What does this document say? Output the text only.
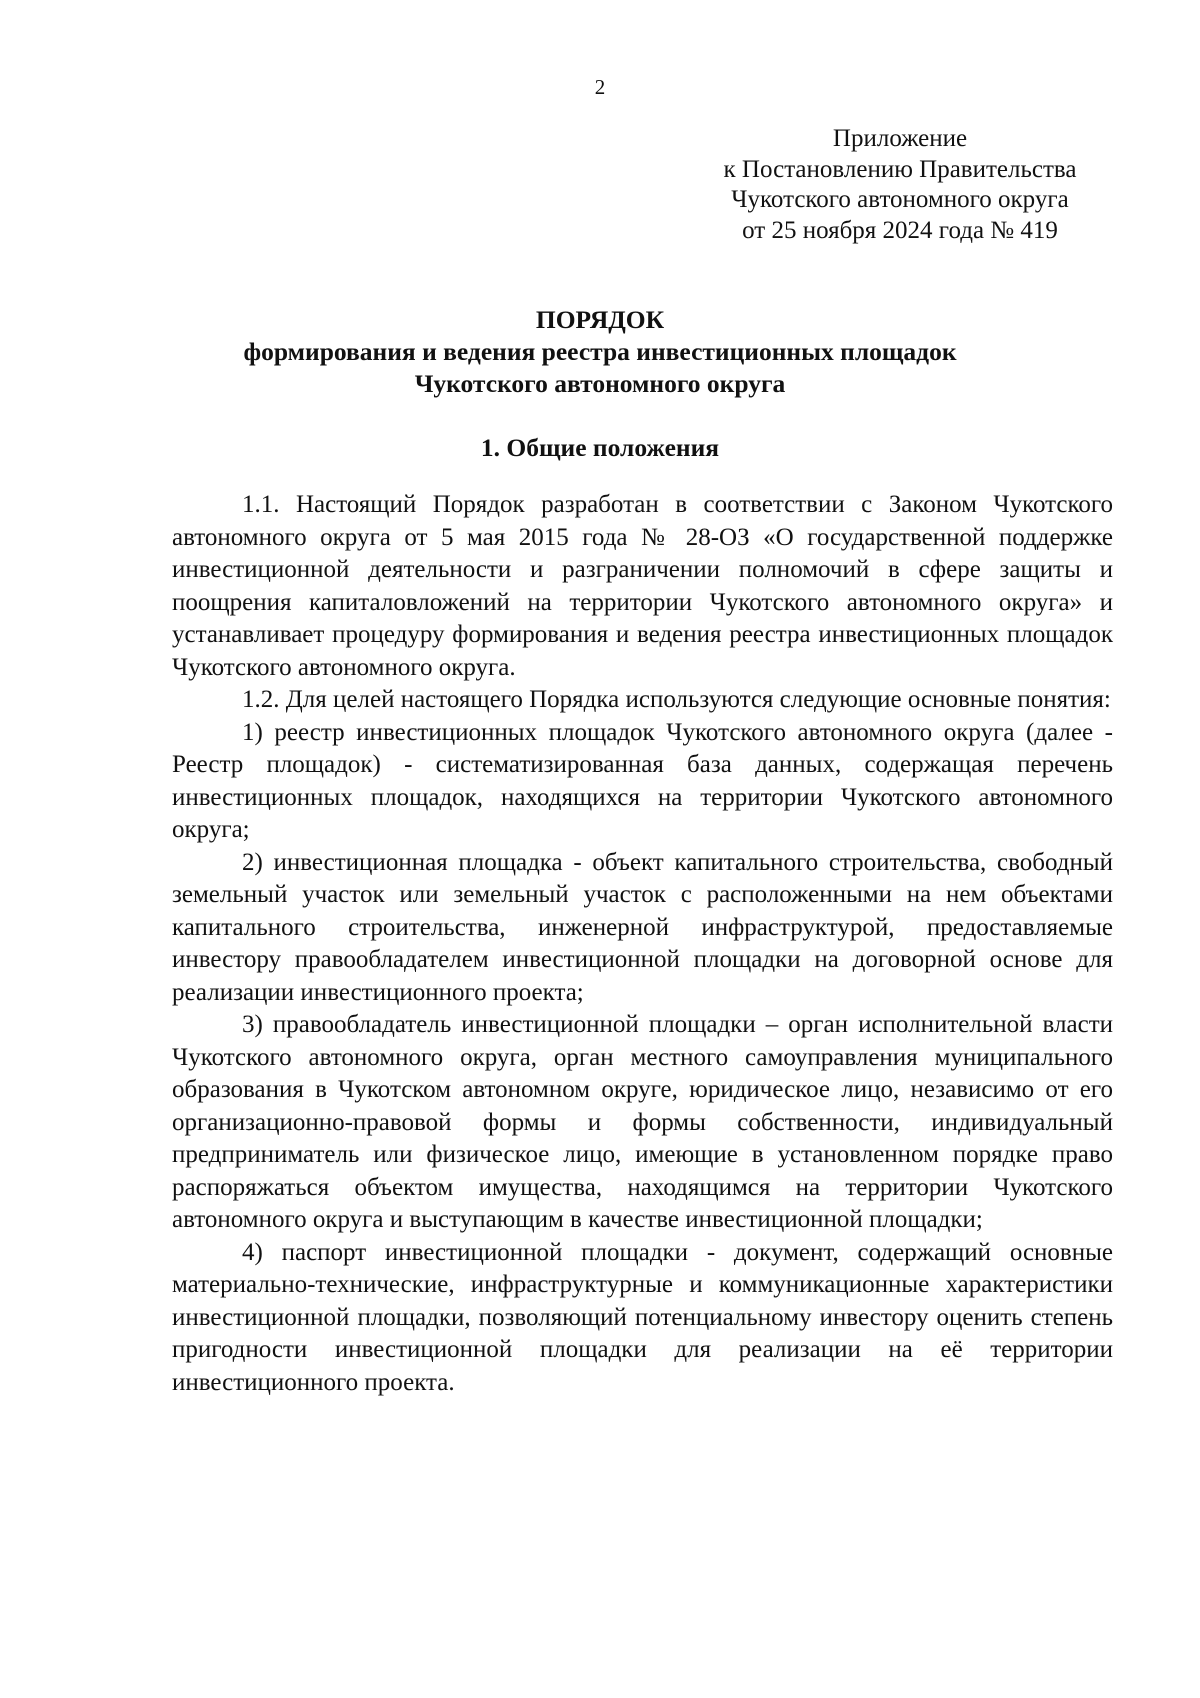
2
Приложение
к Постановлению Правительства
Чукотского автономного округа
от 25 ноября 2024 года № 419
ПОРЯДОК
формирования и ведения реестра инвестиционных площадок
Чукотского автономного округа
1. Общие положения

1.1. Настоящий Порядок разработан в соответствии с Законом Чукотского автономного округа от 5 мая 2015 года № 28-ОЗ «О государственной поддержке инвестиционной деятельности и разграничении полномочий в сфере защиты и поощрения капиталовложений на территории Чукотского автономного округа» и устанавливает процедуру формирования и ведения реестра инвестиционных площадок Чукотского автономного округа.

1.2. Для целей настоящего Порядка используются следующие основные понятия:

1) реестр инвестиционных площадок Чукотского автономного округа (далее - Реестр площадок) - систематизированная база данных, содержащая перечень инвестиционных площадок, находящихся на территории Чукотского автономного округа;

2) инвестиционная площадка - объект капитального строительства, свободный земельный участок или земельный участок с расположенными на нем объектами капитального строительства, инженерной инфраструктурой, предоставляемые инвестору правообладателем инвестиционной площадки на договорной основе для реализации инвестиционного проекта;

3) правообладатель инвестиционной площадки – орган исполнительной власти Чукотского автономного округа, орган местного самоуправления муниципального образования в Чукотском автономном округе, юридическое лицо, независимо от его организационно-правовой формы и формы собственности, индивидуальный предприниматель или физическое лицо, имеющие в установленном порядке право распоряжаться объектом имущества, находящимся на территории Чукотского автономного округа и выступающим в качестве инвестиционной площадки;

4) паспорт инвестиционной площадки - документ, содержащий основные материально-технические, инфраструктурные и коммуникационные характеристики инвестиционной площадки, позволяющий потенциальному инвестору оценить степень пригодности инвестиционной площадки для реализации на её территории инвестиционного проекта.
